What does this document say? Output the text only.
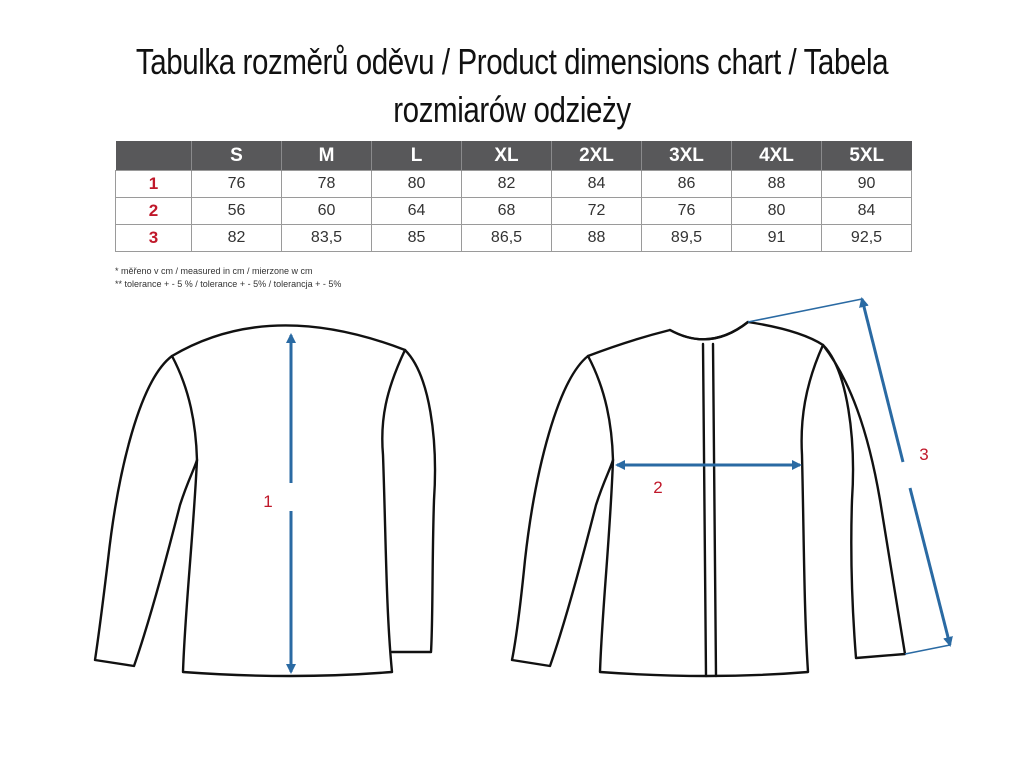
Tabulka rozměrů oděvu / Product dimensions chart / Tabela rozmiarów odzieży
	S	M	L	XL	2XL	3XL	4XL	5XL
1	76	78	80	82	84	86	88	90
2	56	60	64	68	72	76	80	84
3	82	83,5	85	86,5	88	89,5	91	92,5
* měřeno v cm / measured in cm / mierzone w cm
** tolerance + - 5 % / tolerance + - 5% / tolerancja + - 5%
1
2
3
